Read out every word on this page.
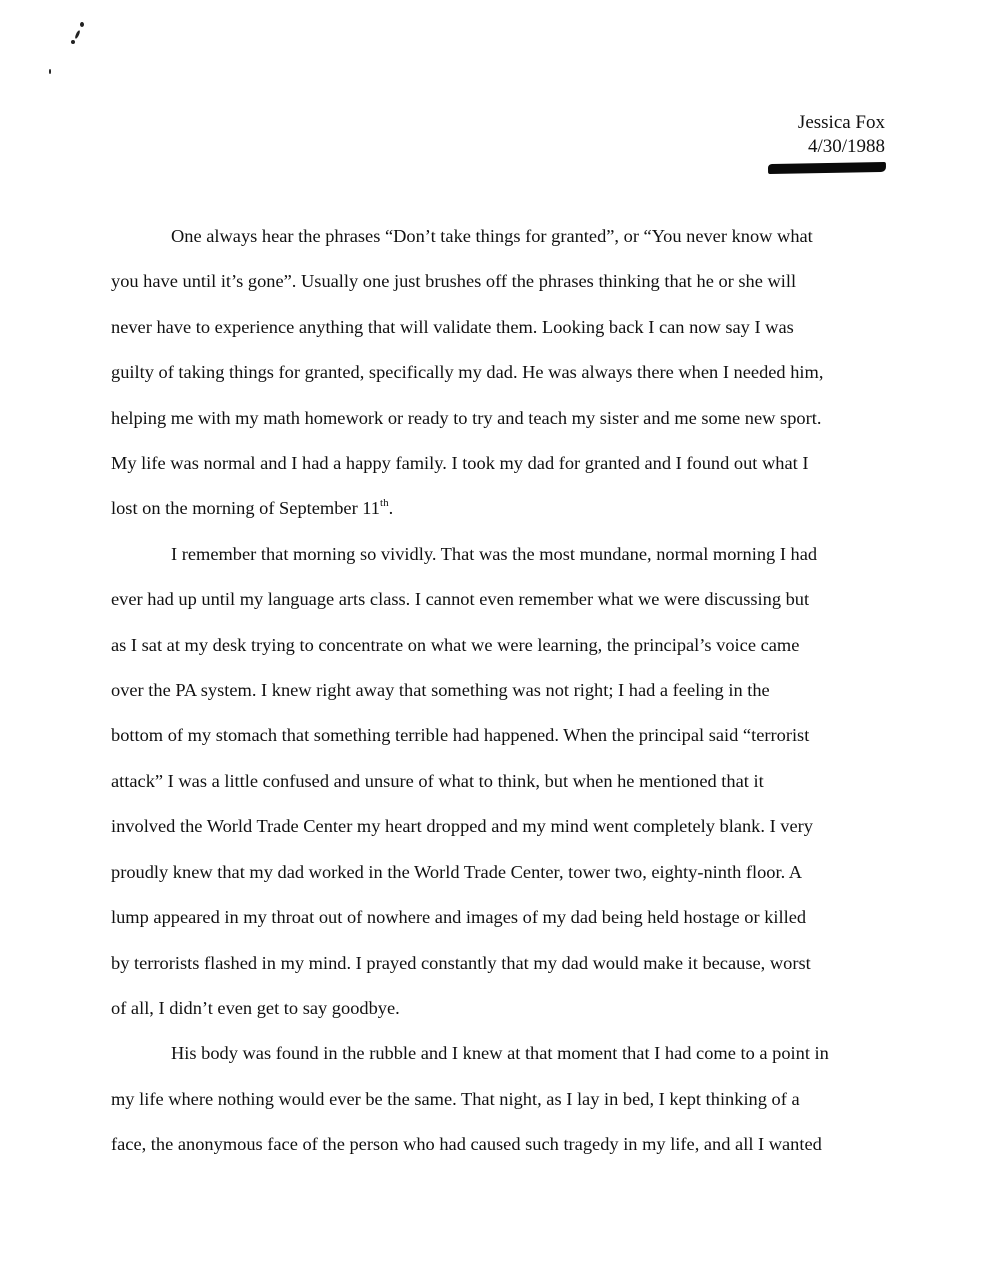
Jessica Fox
4/30/1988

One always hear the phrases “Don’t take things for granted”, or “You never know what
you have until it’s gone”. Usually one just brushes off the phrases thinking that he or she will
never have to experience anything that will validate them. Looking back I can now say I was
guilty of taking things for granted, specifically my dad. He was always there when I needed him,
helping me with my math homework or ready to try and teach my sister and me some new sport.
My life was normal and I had a happy family. I took my dad for granted and I found out what I
lost on the morning of September 11th.

I remember that morning so vividly. That was the most mundane, normal morning I had
ever had up until my language arts class. I cannot even remember what we were discussing but
as I sat at my desk trying to concentrate on what we were learning, the principal’s voice came
over the PA system. I knew right away that something was not right; I had a feeling in the
bottom of my stomach that something terrible had happened. When the principal said “terrorist
attack” I was a little confused and unsure of what to think, but when he mentioned that it
involved the World Trade Center my heart dropped and my mind went completely blank. I very
proudly knew that my dad worked in the World Trade Center, tower two, eighty-ninth floor. A
lump appeared in my throat out of nowhere and images of my dad being held hostage or killed
by terrorists flashed in my mind. I prayed constantly that my dad would make it because, worst
of all, I didn’t even get to say goodbye.

His body was found in the rubble and I knew at that moment that I had come to a point in
my life where nothing would ever be the same. That night, as I lay in bed, I kept thinking of a
face, the anonymous face of the person who had caused such tragedy in my life, and all I wanted
